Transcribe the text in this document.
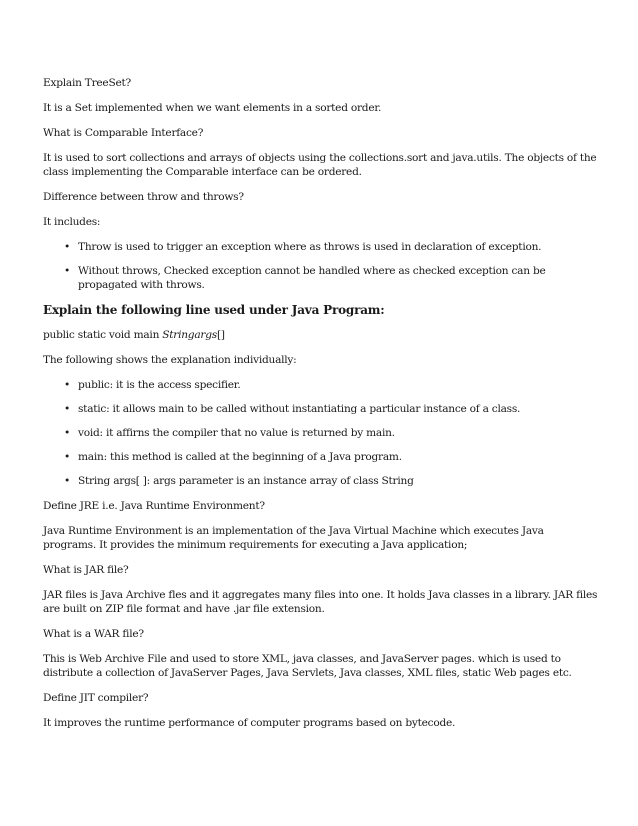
Explain TreeSet?

It is a Set implemented when we want elements in a sorted order.

What is Comparable Interface?

It is used to sort collections and arrays of objects using the collections.sort and java.utils. The objects of the class implementing the Comparable interface can be ordered.

Difference between throw and throws?

It includes:

• Throw is used to trigger an exception where as throws is used in declaration of exception.
• Without throws, Checked exception cannot be handled where as checked exception can be propagated with throws.

Explain the following line used under Java Program:

public static void main Stringargs[]

The following shows the explanation individually:

• public: it is the access specifier.
• static: it allows main to be called without instantiating a particular instance of a class.
• void: it affirns the compiler that no value is returned by main.
• main: this method is called at the beginning of a Java program.
• String args[ ]: args parameter is an instance array of class String

Define JRE i.e. Java Runtime Environment?

Java Runtime Environment is an implementation of the Java Virtual Machine which executes Java programs. It provides the minimum requirements for executing a Java application;

What is JAR file?

JAR files is Java Archive fles and it aggregates many files into one. It holds Java classes in a library. JAR files are built on ZIP file format and have .jar file extension.

What is a WAR file?

This is Web Archive File and used to store XML, java classes, and JavaServer pages. which is used to distribute a collection of JavaServer Pages, Java Servlets, Java classes, XML files, static Web pages etc.

Define JIT compiler?

It improves the runtime performance of computer programs based on bytecode.
